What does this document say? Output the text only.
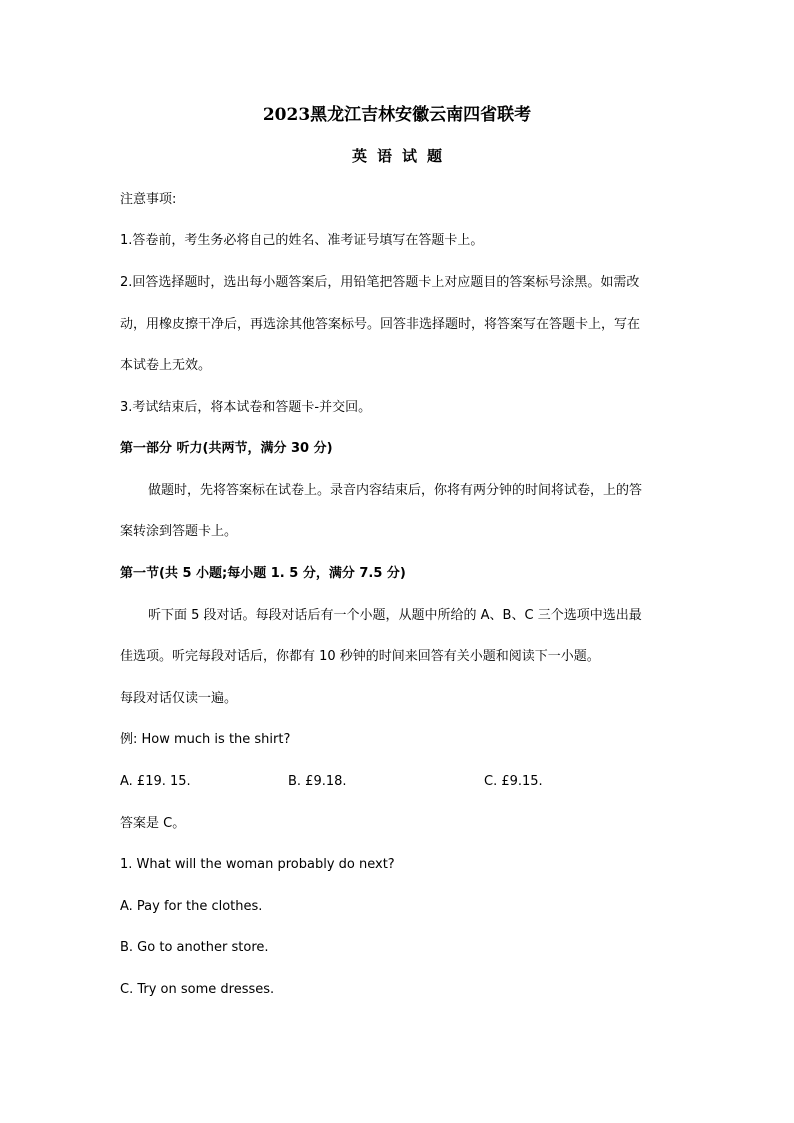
2023黑龙江吉林安徽云南四省联考
英语试题
注意事项:
1.答卷前，考生务必将自己的姓名、准考证号填写在答题卡上。
2.回答选择题时，选出每小题答案后，用铅笔把答题卡上对应题目的答案标号涂黑。如需改
动，用橡皮擦干净后，再选涂其他答案标号。回答非选择题时，将答案写在答题卡上，写在
本试卷上无效。
3.考试结束后，将本试卷和答题卡-并交回。
第一部分 听力(共两节，满分 30 分)
做题时，先将答案标在试卷上。录音内容结束后，你将有两分钟的时间将试卷，上的答
案转涂到答题卡上。
第一节(共 5 小题;每小题 1. 5 分，满分 7.5 分)
听下面 5 段对话。每段对话后有一个小题，从题中所给的 A、B、C 三个选项中选出最
佳选项。听完每段对话后，你都有 10 秒钟的时间来回答有关小题和阅读下一小题。
每段对话仅读一遍。
例: How much is the shirt?
A. £19. 15.	B. £9.18.	C. £9.15.
答案是 C。
1. What will the woman probably do next?
A. Pay for the clothes.
B. Go to another store.
C. Try on some dresses.
